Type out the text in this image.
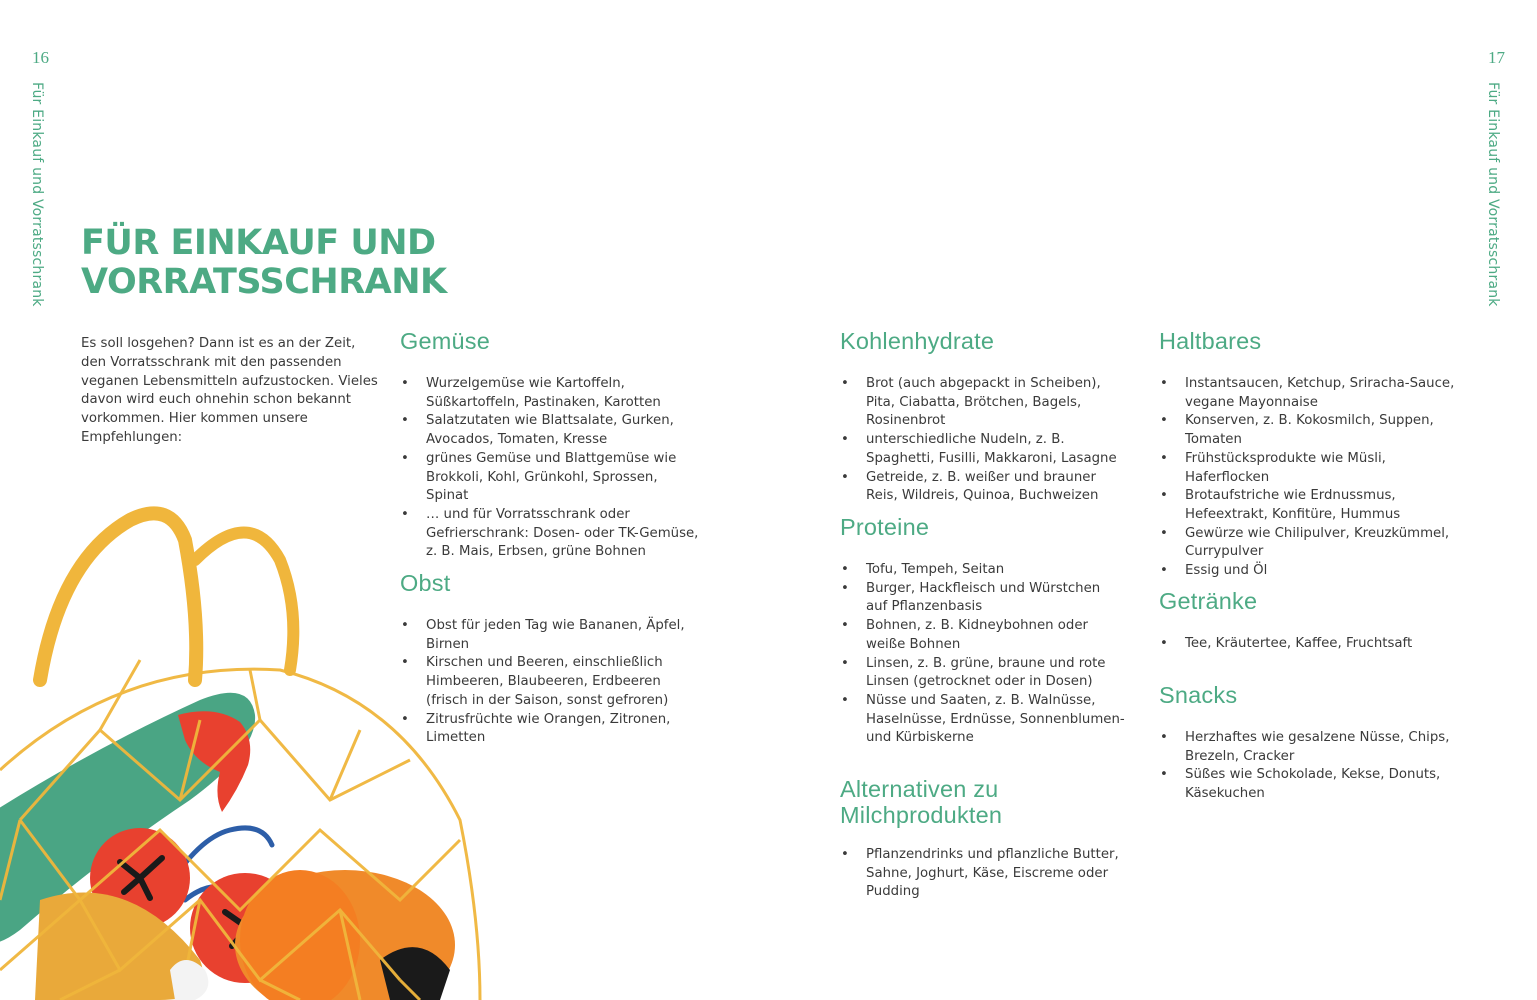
16
Für Einkauf und Vorratsschrank
17
Für Einkauf und Vorratsschrank
FÜR EINKAUF UND
VORRATSSCHRANK

Es soll losgehen? Dann ist es an der Zeit, den Vorratsschrank mit den passenden veganen Lebensmitteln aufzustocken. Vieles davon wird euch ohnehin schon bekannt vorkommen. Hier kommen unsere Empfehlungen:

Gemüse
• Wurzelgemüse wie Kartoffeln, Süßkartoffeln, Pastinaken, Karotten
• Salatzutaten wie Blattsalate, Gurken, Avocados, Tomaten, Kresse
• grünes Gemüse und Blattgemüse wie Brokkoli, Kohl, Grünkohl, Sprossen, Spinat
• … und für Vorratsschrank oder Gefrierschrank: Dosen- oder TK-Gemüse, z. B. Mais, Erbsen, grüne Bohnen
Obst
• Obst für jeden Tag wie Bananen, Äpfel, Birnen
• Kirschen und Beeren, einschließlich Himbeeren, Blaubeeren, Erdbeeren (frisch in der Saison, sonst gefroren)
• Zitrusfrüchte wie Orangen, Zitronen, Limetten
Kohlenhydrate
• Brot (auch abgepackt in Scheiben), Pita, Ciabatta, Brötchen, Bagels, Rosinenbrot
• unterschiedliche Nudeln, z. B. Spaghetti, Fusilli, Makkaroni, Lasagne
• Getreide, z. B. weißer und brauner Reis, Wildreis, Quinoa, Buchweizen
Proteine
• Tofu, Tempeh, Seitan
• Burger, Hackfleisch und Würstchen auf Pflanzenbasis
• Bohnen, z. B. Kidneybohnen oder weiße Bohnen
• Linsen, z. B. grüne, braune und rote Linsen (getrocknet oder in Dosen)
• Nüsse und Saaten, z. B. Walnüsse, Haselnüsse, Erdnüsse, Sonnenblumen- und Kürbiskerne
Alternativen zu
Milchprodukten
• Pflanzendrinks und pflanzliche Butter, Sahne, Joghurt, Käse, Eiscreme oder Pudding
Haltbares
• Instantsaucen, Ketchup, Sriracha-Sauce, vegane Mayonnaise
• Konserven, z. B. Kokosmilch, Suppen, Tomaten
• Frühstücksprodukte wie Müsli, Haferflocken
• Brotaufstriche wie Erdnussmus, Hefeextrakt, Konfitüre, Hummus
• Gewürze wie Chilipulver, Kreuzkümmel, Currypulver
• Essig und Öl
Getränke
• Tee, Kräutertee, Kaffee, Fruchtsaft
Snacks
• Herzhaftes wie gesalzene Nüsse, Chips, Brezeln, Cracker
• Süßes wie Schokolade, Kekse, Donuts, Käsekuchen
